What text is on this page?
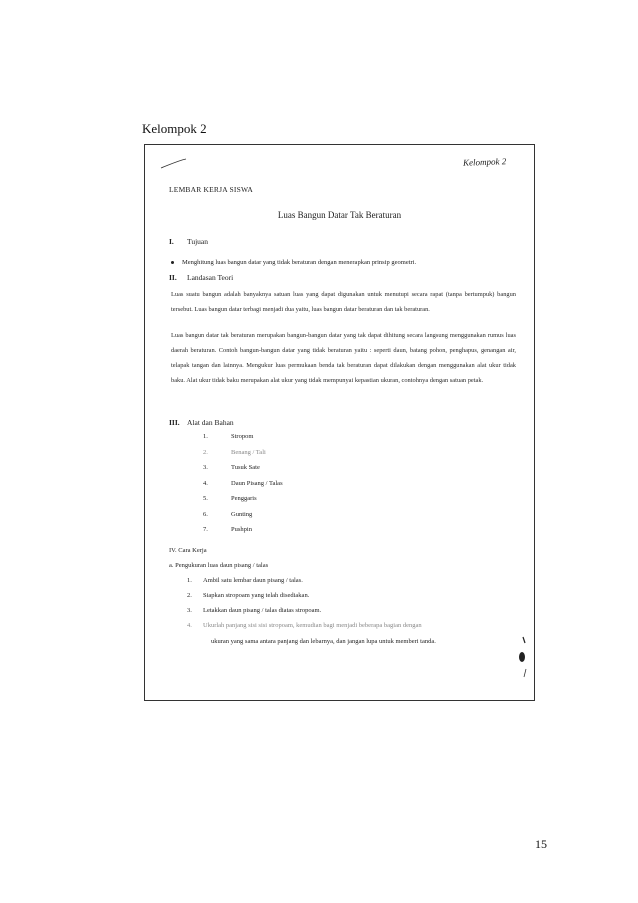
Kelompok 2
Kelompok 2
LEMBAR KERJA SISWA
Luas Bangun Datar Tak Beraturan
I. Tujuan
Menghitung luas bangun datar yang tidak beraturan dengan menerapkan prinsip geometri.
II. Landasan Teori
Luas suatu bangun adalah banyaknya satuan luas yang dapat digunakan untuk menutupi secara rapat (tanpa bertumpuk) bangun tersebut. Luas bangun datar terbagi menjadi dua yaitu, luas bangun datar beraturan dan tak beraturan.
Luas bangun datar tak beraturan merupakan bangun-bangun datar yang tak dapat dihitung secara langsung menggunakan rumus luas daerah beraturan. Contoh bangun-bangun datar yang tidak beraturan yaitu : seperti daun, batang pohon, penghapus, genangan air, telapak tangan dan lainnya. Mengukur luas permukaan benda tak beraturan dapat dilakukan dengan menggunakan alat ukur tidak baku. Alat ukur tidak baku merupakan alat ukur yang tidak mempunyai kepastian ukuran, contohnya dengan satuan petak.
III. Alat dan Bahan
1.	Stropom
2.	Benang / Tali
3.	Tusuk Sate
4.	Daun Pisang / Talas
5.	Penggaris
6.	Gunting
7.	Pushpin
IV. Cara Kerja
a. Pengukuran luas daun pisang / talas
1.	Ambil satu lembar daun pisang / talas.
2.	Siapkan stropoam yang telah disediakan.
3.	Letakkan daun pisang / talas diatas stropoam.
4.	Ukurlah panjang sisi sisi stropoam, kemudian bagi menjadi beberapa bagian dengan
ukuran yang sama antara panjang dan lebarnya, dan jangan lupa untuk memberi tanda.
15
